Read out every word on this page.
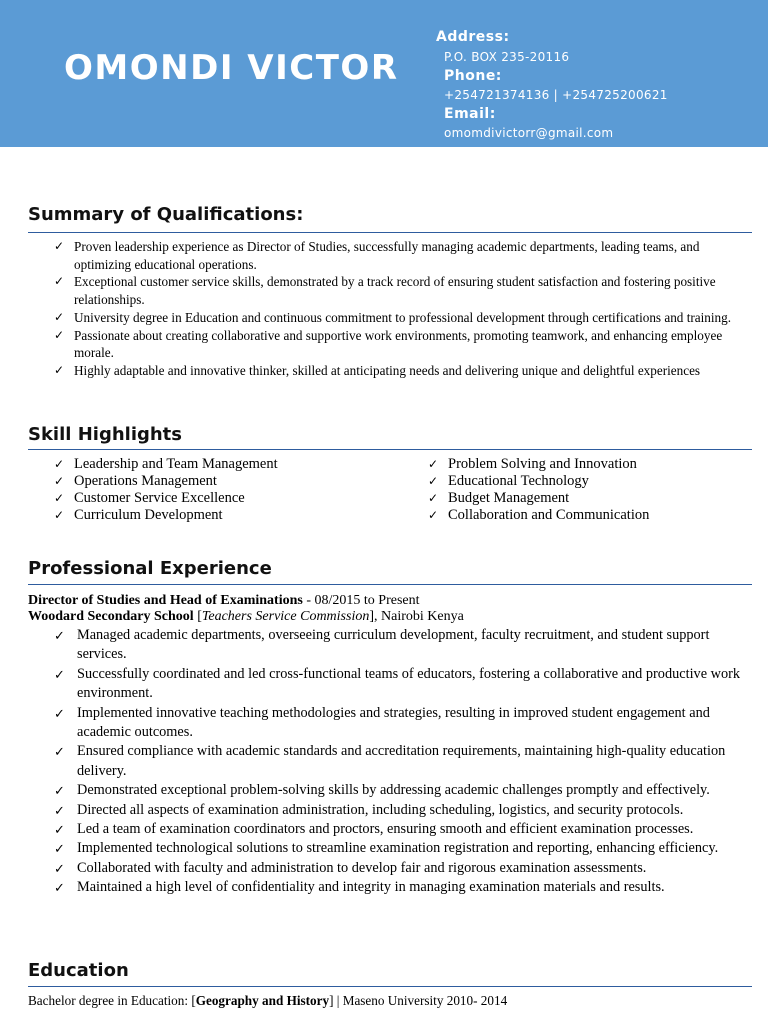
OMONDI VICTOR
Address:
P.O. BOX 235-20116
Phone:
+254721374136 | +254725200621
Email:
omomdivictorr@gmail.com
Summary of Qualifications:
✓ Proven leadership experience as Director of Studies, successfully managing academic departments, leading teams, and optimizing educational operations.
✓ Exceptional customer service skills, demonstrated by a track record of ensuring student satisfaction and fostering positive relationships.
✓ University degree in Education and continuous commitment to professional development through certifications and training.
✓ Passionate about creating collaborative and supportive work environments, promoting teamwork, and enhancing employee morale.
✓ Highly adaptable and innovative thinker, skilled at anticipating needs and delivering unique and delightful experiences
Skill Highlights
✓ Leadership and Team Management
✓ Operations Management
✓ Customer Service Excellence
✓ Curriculum Development
✓ Problem Solving and Innovation
✓ Educational Technology
✓ Budget Management
✓ Collaboration and Communication
Professional Experience
Director of Studies and Head of Examinations - 08/2015 to Present
Woodard Secondary School [Teachers Service Commission], Nairobi Kenya
✓ Managed academic departments, overseeing curriculum development, faculty recruitment, and student support services.
✓ Successfully coordinated and led cross-functional teams of educators, fostering a collaborative and productive work environment.
✓ Implemented innovative teaching methodologies and strategies, resulting in improved student engagement and academic outcomes.
✓ Ensured compliance with academic standards and accreditation requirements, maintaining high-quality education delivery.
✓ Demonstrated exceptional problem-solving skills by addressing academic challenges promptly and effectively.
✓ Directed all aspects of examination administration, including scheduling, logistics, and security protocols.
✓ Led a team of examination coordinators and proctors, ensuring smooth and efficient examination processes.
✓ Implemented technological solutions to streamline examination registration and reporting, enhancing efficiency.
✓ Collaborated with faculty and administration to develop fair and rigorous examination assessments.
✓ Maintained a high level of confidentiality and integrity in managing examination materials and results.
Education
Bachelor degree in Education: [Geography and History] | Maseno University 2010- 2014
